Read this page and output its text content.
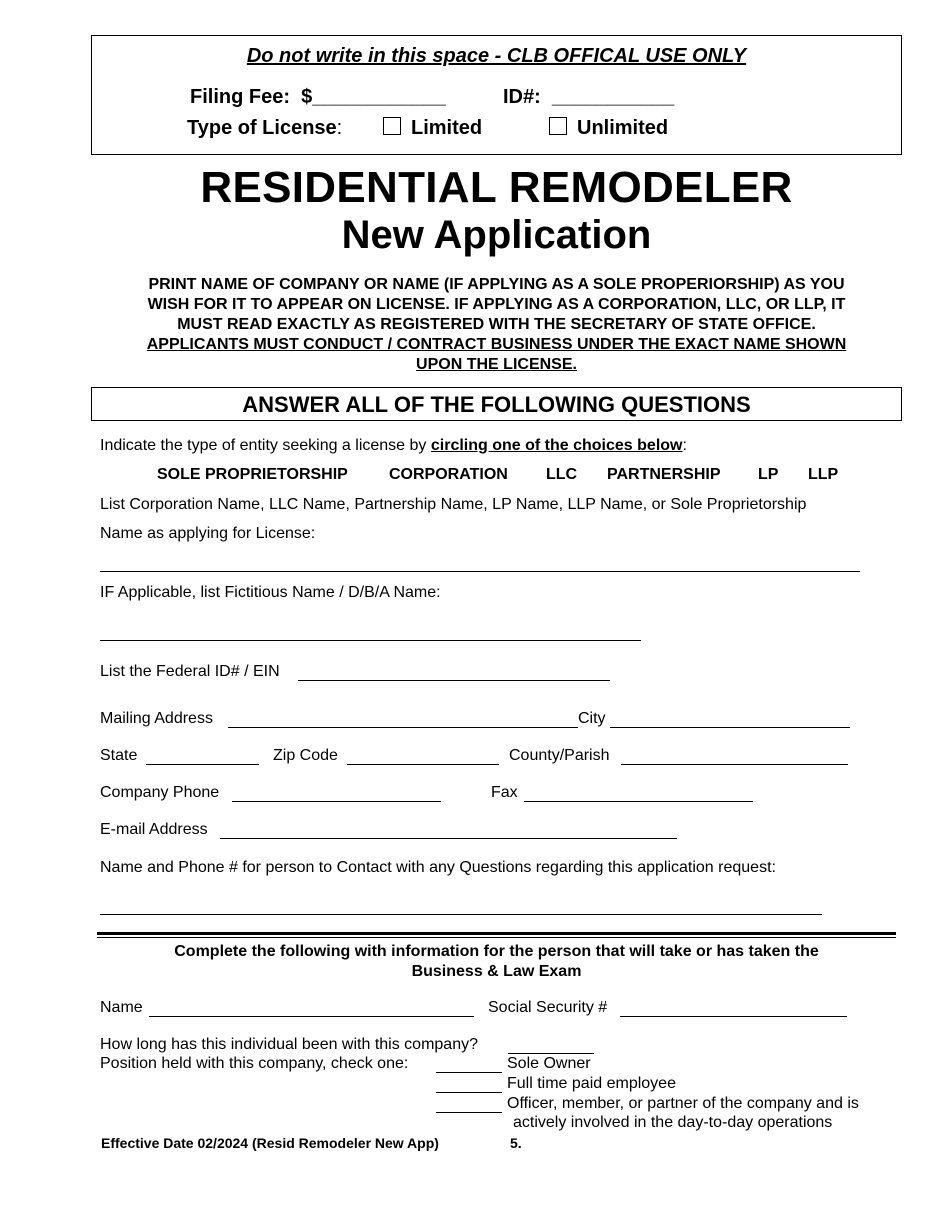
Do not write in this space - CLB OFFICAL USE ONLY
Filing Fee:  $____________	ID#:  ___________
Type of License:	Limited	Unlimited
RESIDENTIAL REMODELER
New Application
PRINT NAME OF COMPANY OR NAME (IF APPLYING AS A SOLE PROPERIORSHIP) AS YOU
WISH FOR IT TO APPEAR ON LICENSE. IF APPLYING AS A CORPORATION, LLC, OR LLP, IT
MUST READ EXACTLY AS REGISTERED WITH THE SECRETARY OF STATE OFFICE.
APPLICANTS MUST CONDUCT / CONTRACT BUSINESS UNDER THE EXACT NAME SHOWN
UPON THE LICENSE.
ANSWER ALL OF THE FOLLOWING QUESTIONS
Indicate the type of entity seeking a license by circling one of the choices below:
SOLE PROPRIETORSHIP	CORPORATION LLC PARTNERSHIP LP LLP
List Corporation Name, LLC Name, Partnership Name, LP Name, LLP Name, or Sole Proprietorship
Name as applying for License:
IF Applicable, list Fictitious Name / D/B/A Name:
List the Federal ID# / EIN
Mailing Address	City
State	Zip Code	County/Parish
Company Phone	Fax
E-mail Address
Name and Phone # for person to Contact with any Questions regarding this application request:
Complete the following with information for the person that will take or has taken the
Business & Law Exam
Name	Social Security #
How long has this individual been with this company?
Position held with this company, check one:	Sole Owner
Full time paid employee
Officer, member, or partner of the company and is
actively involved in the day-to-day operations
Effective Date 02/2024 (Resid Remodeler New App)	5.
